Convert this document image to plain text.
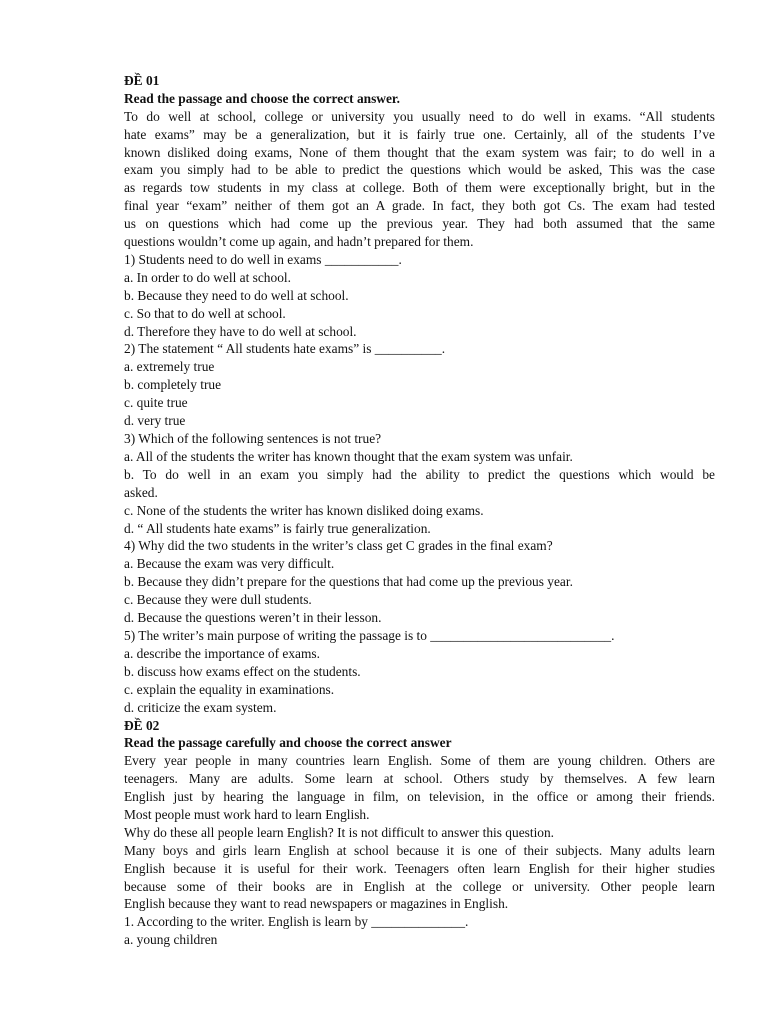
ĐỀ 01
Read the passage and choose the correct answer.
To do well at school, college or university you usually need to do well in exams. “All students
hate exams” may be a generalization, but it is fairly true one. Certainly, all of the students I’ve
known disliked doing exams, None of them thought that the exam system was fair; to do well in a
exam you simply had to be able to predict the questions which would be asked, This was the case
as regards tow students in my class at college. Both of them were exceptionally bright, but in the
final year “exam” neither of them got an A grade. In fact, they both got Cs. The exam had tested
us on questions which had come up the previous year. They had both assumed that the same
questions wouldn’t come up again, and hadn’t prepared for them.
1) Students need to do well in exams ___________.
a. In order to do well at school.
b. Because they need to do well at school.
c. So that to do well at school.
d. Therefore they have to do well at school.
2) The statement “ All students hate exams” is __________.
a. extremely true
b. completely true
c. quite true
d. very true
3) Which of the following sentences is not true?
a. All of the students the writer has known thought that the exam system was unfair.
b. To do well in an exam you simply had the ability to predict the questions which would be
asked.
c. None of the students the writer has known disliked doing exams.
d. “ All students hate exams” is fairly true generalization.
4) Why did the two students in the writer’s class get C grades in the final exam?
a. Because the exam was very difficult.
b. Because they didn’t prepare for the questions that had come up the previous year.
c. Because they were dull students.
d. Because the questions weren’t in their lesson.
5) The writer’s main purpose of writing the passage is to ___________________________.
a. describe the importance of exams.
b. discuss how exams effect on the students.
c. explain the equality in examinations.
d. criticize the exam system.
ĐỀ 02
Read the passage carefully and choose the correct answer
Every year people in many countries learn English. Some of them are young children. Others are
teenagers. Many are adults. Some learn at school. Others study by themselves. A few learn
English just by hearing the language in film, on television, in the office or among their friends.
Most people must work hard to learn English.
Why do these all people learn English? It is not difficult to answer this question.
Many boys and girls learn English at school because it is one of their subjects. Many adults learn
English because it is useful for their work. Teenagers often learn English for their higher studies
because some of their books are in English at the college or university. Other people learn
English because they want to read newspapers or magazines in English.
1. According to the writer. English is learn by ______________.
a. young children
